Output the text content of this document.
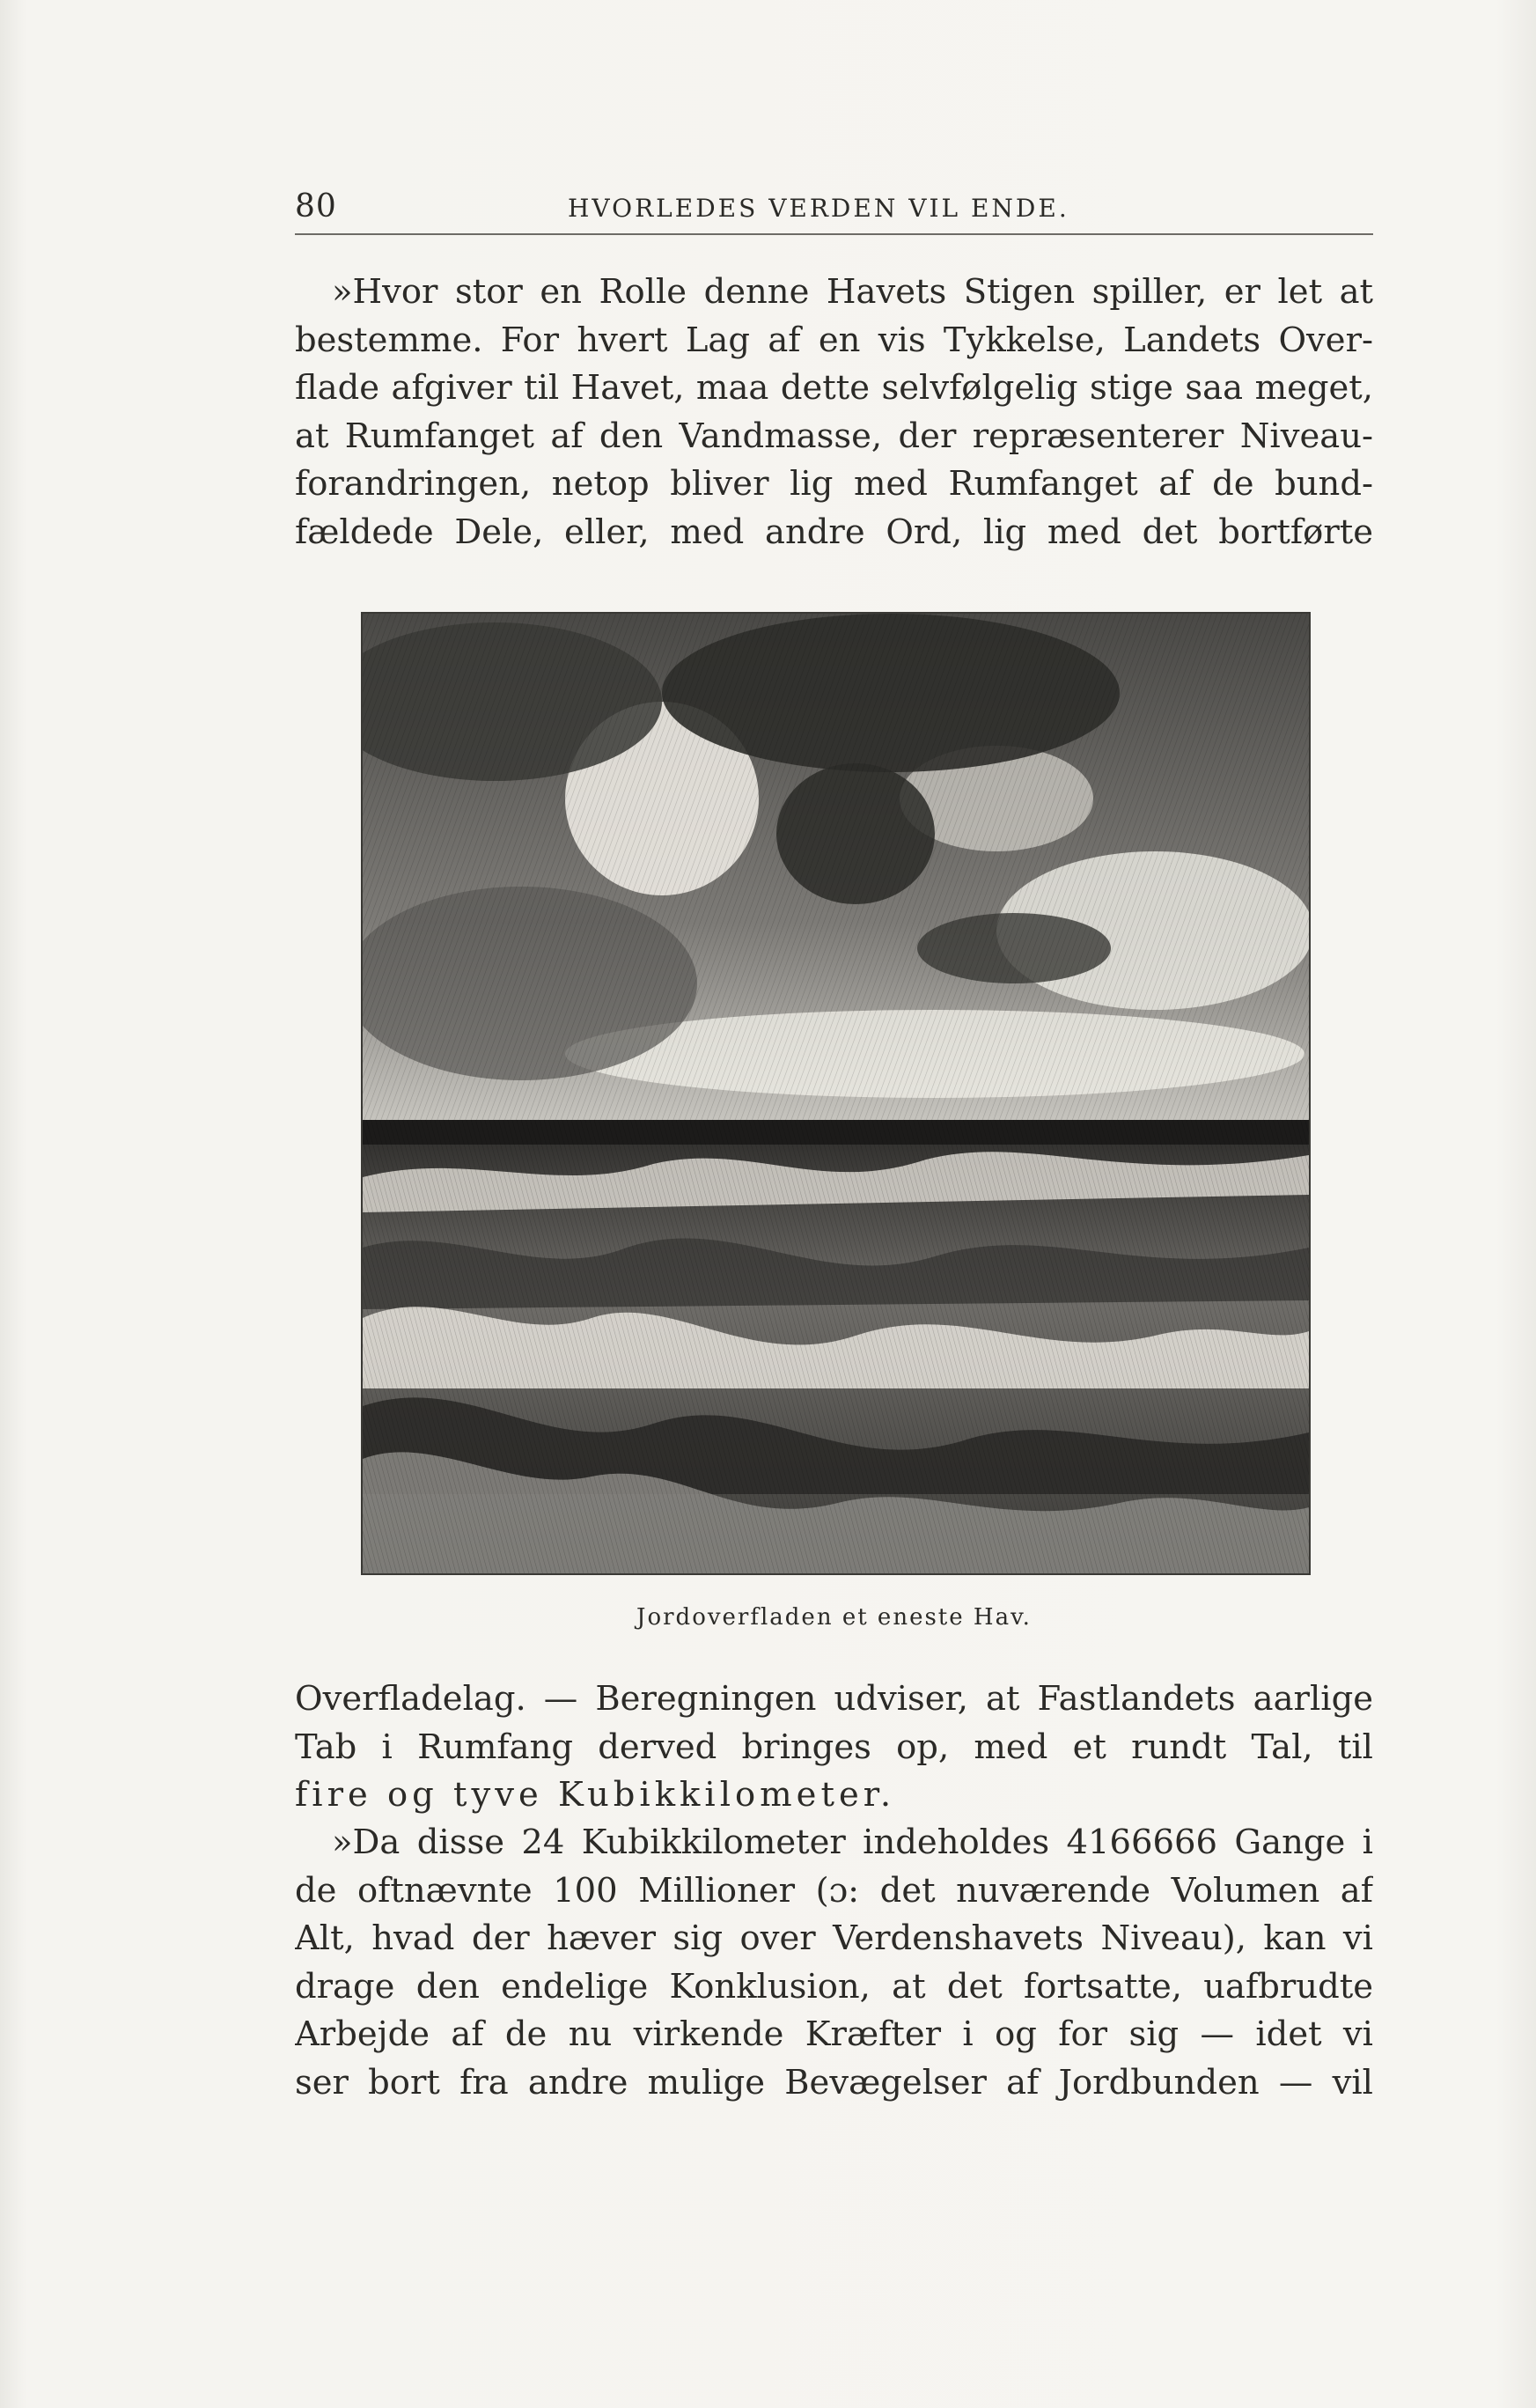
80	HVORLEDES VERDEN VIL ENDE.
»Hvor stor en Rolle denne Havets Stigen spiller, er let at
bestemme. For hvert Lag af en vis Tykkelse, Landets Over-
flade afgiver til Havet, maa dette selvfølgelig stige saa meget,
at Rumfanget af den Vandmasse, der repræsenterer Niveau-
forandringen, netop bliver lig med Rumfanget af de bund-
fældede Dele, eller, med andre Ord, lig med det bortførte
Jordoverfladen et eneste Hav.
Overfladelag. — Beregningen udviser, at Fastlandets aarlige
Tab i Rumfang derved bringes op, med et rundt Tal, til
fire og tyve Kubikkilometer.
»Da disse 24 Kubikkilometer indeholdes 4166666 Gange i
de oftnævnte 100 Millioner (ɔ: det nuværende Volumen af
Alt, hvad der hæver sig over Verdenshavets Niveau), kan vi
drage den endelige Konklusion, at det fortsatte, uafbrudte
Arbejde af de nu virkende Kræfter i og for sig — idet vi
ser bort fra andre mulige Bevægelser af Jordbunden — vil
